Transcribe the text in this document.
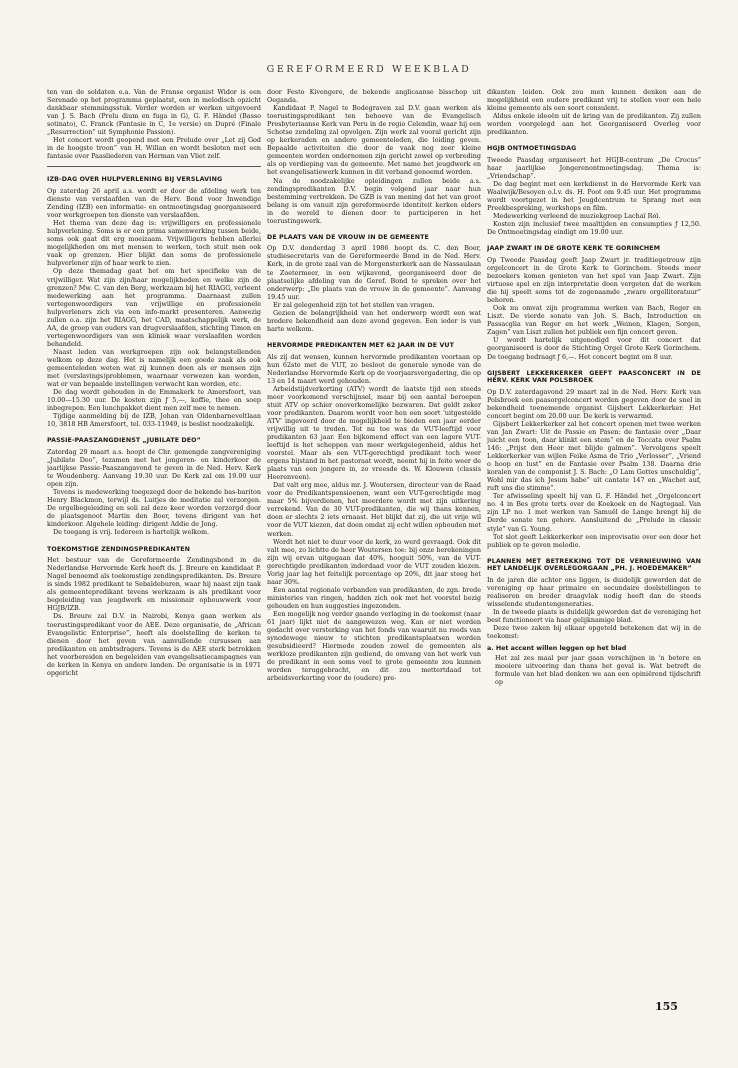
GEREFORMEERD WEEKBLAD

ten van de soldaten e.a. Van de Franse organist Widor is een Serenade op het programma geplaatst, een in melodisch opzicht dankbaar stemmingsstuk. Verder worden er werken uitgevoerd van J. S. Bach (Prelu dium en fuga in G), G. F. Händel (Basso sotinato), C. Franck (Fantasie in C, 1e versie) en Dupré (Finale „Resurrection” uit Symphonie Passion).

Het concert wordt geopend met een Prelude over „Let zij God in de hoogste troon” van H. Willan en wordt besloten met een fantasie over Paasliederen van Herman van Vliet zelf.

IZB-DAG OVER HULPVERLENING BIJ VERSLAVING

Op zaterdag 26 april a.s. wordt er door de afdeling werk ten dienste van verslaafden van de Herv. Bond voor Inwendige Zending (IZB) een informatie- en ontmoetingsdag georganiseerd voor werkgroepen ten dienste van verslaafden.

Het thema van deze dag is: vrijwilligers en professionele hulpverlening. Soms is er een prima samenwerking tussen beide, soms ook gaat dit erg moeizaam. Vrijwilligers hebben allerlei mogelijkheden om met mensen te werken, toch stuit men ook vaak op grenzen. Hier blijkt dan soms de professionele hulpverlener zijn of haar werk te zien.

Op deze themadag gaat het om het specifieke van de vrijwilliger. Wat zijn zijn/haar mogelijkheden en welke zijn de grenzen? Mw. C. van den Berg, werkzaam bij het RIAGG, verleent medewerking aan het programma. Daarnaast zullen vertegenwoordigers van vrijwillige en professionele hulpverleners zich via een info-markt presenteren. Aanwezig zullen o.a. zijn het RIAGG, het CAD, maatschappelijk werk, de AA, de groep van ouders van drugverslaafden, stichting Timon en vertegenwoordigers van een kliniek waar verslaafden worden behandeld.

Naast leden van werkgroepen zijn ook belangstellenden welkom op deze dag. Het is namelijk een goede zaak als ook gemeenteleden weten wat zij kunnen doen als er mensen zijn met (verslavings)problemen, waarnaar verwezen kan worden, wat er van bepaalde instellingen verwacht kan worden, etc.

De dag wordt gehouden in de Emmakerk te Amersfoort, van 10.00—15.30 uur. De kosten zijn ƒ 5,—, koffie, thee en soep inbegrepen. Een lunchpakket dient men zelf mee te nemen.

Tijdige aanmelding bij de IZB, Johan van Oldenbarneveltlaan 10, 3818 HB Amersfoort, tel. 033-11949, is beslist noodzakelijk.

PASSIE-PAASZANGDIENST „JUBILATE DEO”

Zaterdag 29 maart a.s. hoopt de Chr. gemengde zangvereniging „Jubilate Deo”, tezamen met het jongeren- en kinderkoor de jaarlijkse Passie-Paaszangavond te geven in de Ned. Herv. Kerk te Woudenberg. Aanvang 19.30 uur. De Kerk zal om 19.00 uur open zijn.

Tevens is medewerking toegezegd door de bekende bas-bariton Henry Blackmon, terwijl ds. Luitjes de meditatie zal verzorgen. De orgelbegeleiding en soli zal deze keer worden verzorgd door de plaatsgenoot Martin den Boer, tevens dirigent van het kinderkoor. Algehele leiding: dirigent Addie de Jong.

De toegang is vrij. Iedereen is hartelijk welkom.

TOEKOMSTIGE ZENDINGSPREDIKANTEN

Het bestuur van de Gereformeerde Zendingsbond in de Nederlandse Hervormde Kerk heeft ds. J. Breure en kandidaat P. Nagel benoemd als toekomstige zendingspredikanten. Ds. Breure is sinds 1982 predikant te Sebaldeburen, waar hij naast zijn taak als gemeentepredikant tevens werkzaam is als predikant voor begeleiding van jeugdwerk en missionair opbouwwerk voor HGJB/IZB.

Ds. Breure zal D.V. in Nairobi, Kenya gaan werken als toerustingspredikant voor de AEE. Deze organisatie, de „African Evangelistic Enterprise”, heeft als doelstelling de kerken te dienen door het geven van aanvullende cursussen aan predikanten en ambtsdragers. Tevens is de AEE sterk betrokken het voorbereiden en begeleiden van evangelisatiecampagnes van de kerken in Kenya en andere landen. De organisatie is in 1971 opgericht

door Festo Kivengere, de bekende anglicaanse bisschop uit Oeganda.

Kandidaat P. Nagel te Bodegraven zal D.V. gaan werken als toerustingspredikant ten behoeve van de Evangelisch Presbyteriaanse Kerk van Peru in de regio Celendin, waar hij een Schotse zendeling zal opvolgen. Zijn werk zal vooral gericht zijn op kerkeraden en andere gemeenteleden, die leiding geven. Bepaalde activiteiten die door de vaak nog zeer kleine gemeenten worden ondernomen zijn gericht zowel op verbreding als op verdieping van de gemeente. Met name het jeugdwerk en het evangelisatiewerk kunnen in dit verband genoemd worden.

Na de noodzakelijke opleidingen zullen beide a.s. zendingspredikanten D.V. begin volgend jaar naar hun bestemming vertrekken. De GZB is van mening dat het van groot belang is om vanuit zijn gereformeerde identiteit kerken elders in de wereld te dienen door te participeren in het toerustingswerk.

DE PLAATS VAN DE VROUW IN DE GEMEENTE

Op D.V. donderdag 3 april 1986 hoopt ds. C. den Boer, studiesecretaris van de Gereformeerde Bond in de Ned. Herv. Kerk, in de grote zaal van de Morgensterkerk aan de Nassaulaan te Zoetermeer, in een wijkavond, georganiseerd door de plaatselijke afdeling van de Geref. Bond te spreken over het onderwerp: „De plaats van de vrouw in de gemeente”. Aanvang 19.45 uur.

Er zal gelegenheid zijn tot het stellen van vragen.

Gezien de belangrijkheid van het onderwerp wordt een wat bredere bekendheid aan deze avond gegeven. Een ieder is van harte welkom.

HERVORMDE PREDIKANTEN MET 62 JAAR IN DE VUT

Als zij dat wensen, kunnen hervormde predikanten voortaan op hun 62ste met de VUT, zo besloot de generale synode van de Nederlandse Hervormde Kerk op de voorjaarsvergadering, die op 13 en 14 maart werd gehouden.

Arbeidstijdverkorting (ATV) wordt de laatste tijd een steeds meer voorkomend verschijnsel, maar bij een aantal beroepen stuit ATV op schier onoverkomelijke bezwaren. Dat geldt zeker voor predikanten. Daarom wordt voor hen een soort 'uitgestelde ATV' ingevoerd door de mogelijkheid te bieden een jaar eerder vrijwillig uit te treden. Tot nu toe was de VUT-leeftijd voor predikanten 63 jaar. Een bijkomend effect van een lagere VUT-leeftijd is het scheppen van meer werkgelegenheid, aldus het voorstel. Maar als een VUT-gerechtigd predikant toch weer ergens bijstand in het pastoraat wordt, neemt hij in feite weer de plaats van een jongere in, zo vreesde ds. W. Klouwen (classis Heerenveen).

Dat valt erg mee, aldus mr. J. Woutersen, directeur van de Raad voor de Predikantspensioenen, want een VUT-gerechtigde mag maar 5% bijverdienen, het meerdere wordt met zijn uitkering verrekend. Van de 30 VUT-predikanten, die wij thans kennen, doen er slechts 2 iets ernaast. Het blijkt dat zij, die uit vrije wil voor de VUT kiezen, dat doen omdat zij echt willen ophouden met werken.

Wordt het niet te duur voor de kerk, zo werd gevraagd. Ook dit valt mee, zo lichtte de heer Woutersen toe: bij onze berekeningen zijn wij ervan uitgegaan dat 40%, hooguit 50%, van de VUT-gerechtigde predikanten inderdaad voor de VUT zouden kiezen. Vorig jaar lag het feitelijk percentage op 20%, dit jaar steeg het naar 30%.

Een aantal regionale verbanden van predikanten, de zgn. brede ministeries van ringen, hadden zich ook met het voorstel bezig gehouden en hun suggesties ingezonden.

Een mogelijk nog verder gaande verlaging in de toekomst (naar 61 jaar) lijkt niet de aangewezen weg. Kan er niet worden gedacht over versterking van het fonds van waaruit nu reeds van synodewege nieuw te stichten predikantsplaatsen worden gesubsidieerd? Hiermede zouden zowel de gemeenten als werkloze predikanten zijn gediend, de omvang van het werk van de predikant in een soms veel te grote gemeente zou kunnen worden teruggebracht, en dit zou mettertdaad tot arbeidsverkorting voor de (oudere) pre-

dikanten leiden. Ook zou men kunnen denken aan de mogelijkheid een oudere predikant vrij te stellen voor een hele kleine gemeente als een soort consulent.

Aldus enkele ideeën uit de kring van de predikanten. Zij zullen worden voorgelegd aan het Georganiseerd Overleg voor predikanten.

HGJB ONTMOETINGSDAG

Tweede Paasdag organiseert het HGJB-centrum „De Crocus” haar jaarlijkse Jongerenontmoetingsdag. Thema is: „Vriendschap”.

De dag begint met een kerkdienst in de Hervormde Kerk van Waalwijk/Besoyen o.l.v. ds. H. Poot om 9.45 uur. Het programma wordt voortgezet in het Jeugdcentrum te Sprang met een Preekbespreking, workshops en film.

Medewerking verleend de muziekgroep Lachaï Roï.

Kosten zijn inclusief twee maaltijden en consumpties ƒ 12,50. De Ontmoetingsdag eindigt om 19.00 uur.

JAAP ZWART IN DE GROTE KERK TE GORINCHEM

Op Tweede Paasdag geeft Jaap Zwart jr. traditiegetrouw zijn orgelconcert in de Grote Kerk te Gorinchem. Steeds meer bezoekers komen genieten van het spel van Jaap Zwart. Zijn virtuose spel en zijn interpretatie doen vergeten dat de werken die hij speelt soms tot de zogenaamde „zware orgelliteratuur” behoren.

Ook nu omvat zijn programma werken van Bach, Reger en Liszt. De vierde sonate van Joh. S. Bach, Introduction en Passacglia van Reger en het werk „Weinen, Klagen, Sorgen, Zagen” van Liszt zullen het publiek een fijn concert geven.

U wordt hartelijk uitgenodigd voor dit concert dat georganiseerd is door de Stichting Orgel Grote Kerk Gorinchem. De toegang bedraagt ƒ 6,—. Het concert begint om 8 uur.

GIJSBERT LEKKERKERKER GEEFT PAASCONCERT IN DE HERV. KERK VAN POLSBROEK

Op D.V. zaterdagavond 29 maart zal in de Ned. Herv. Kerk van Polsbroek een paasorgelconcert worden gegeven door de snel in bekendheid toenemende organist Gijsbert Lekkerkerker. Het concert begint om 20.00 uur. De kerk is verwarmd.

Gijsbert Lekkerkerker zal het concert openen met twee werken van Jan Zwart: Uit de Passie en Pasen: de fantasie over „Daar juicht een toon, daar klinkt een stem” en de Toccata over Psalm 146: „Prijst den Heer met blijde galmen”. Vervolgens speelt Lekkerkerker van wijlen Feike Asma de Trio „Verlosser”, „Vriend o hoop en lust” en de Fantasie over Psalm 138. Daarna drie koralen van de componist J. S. Bach: „O Lam Gottes unschuldig”, Wohl mir das ich Jesum habe” uit cantate 147 en „Wachet auf, ruft uns die stimme”.

Ter afwisseling speelt hij van G. F. Händel het „Orgelconcert no. 4 in Bes grote terts over de Koekoek en de Nagtegaal. Van zijn LP no. 1 met werken van Samuël de Lange brengt hij de Derde sonate ten gehore. Aansluitend de „Prelude in classic style” van G. Young.

Tot slot geeft Lekkerkerker een improvisatie over een door het publiek op te geven melodie.

PLANNEN MET BETREKKING TOT DE VERNIEUWING VAN HET LANDELIJK OVERLEGORGAAN „PH. J. HOEDEMAKER”

In de jaren die achter ons liggen, is duidelijk geworden dat de vereniging op haar primaire en secundaire doelstellingen te realiseren en breder draagvlak nodig heeft dan de steeds wisselende studentengeneraties.

In de tweede plaats is duidelijk geworden dat de vereniging het best functioneert via haar gelijknamige blad.

Deze twee zaken bij elkaar opgeteld betekenen dat wij in de toekomst:

a. Het accent willen leggen op het blad

Het zal zes maal per jaar gaan verschijnen in 'n betere en mooiere uitvoering dan thans het geval is. Wat betreft de formule van het blad denken we aan een opiniërend tijdschrift op

155
